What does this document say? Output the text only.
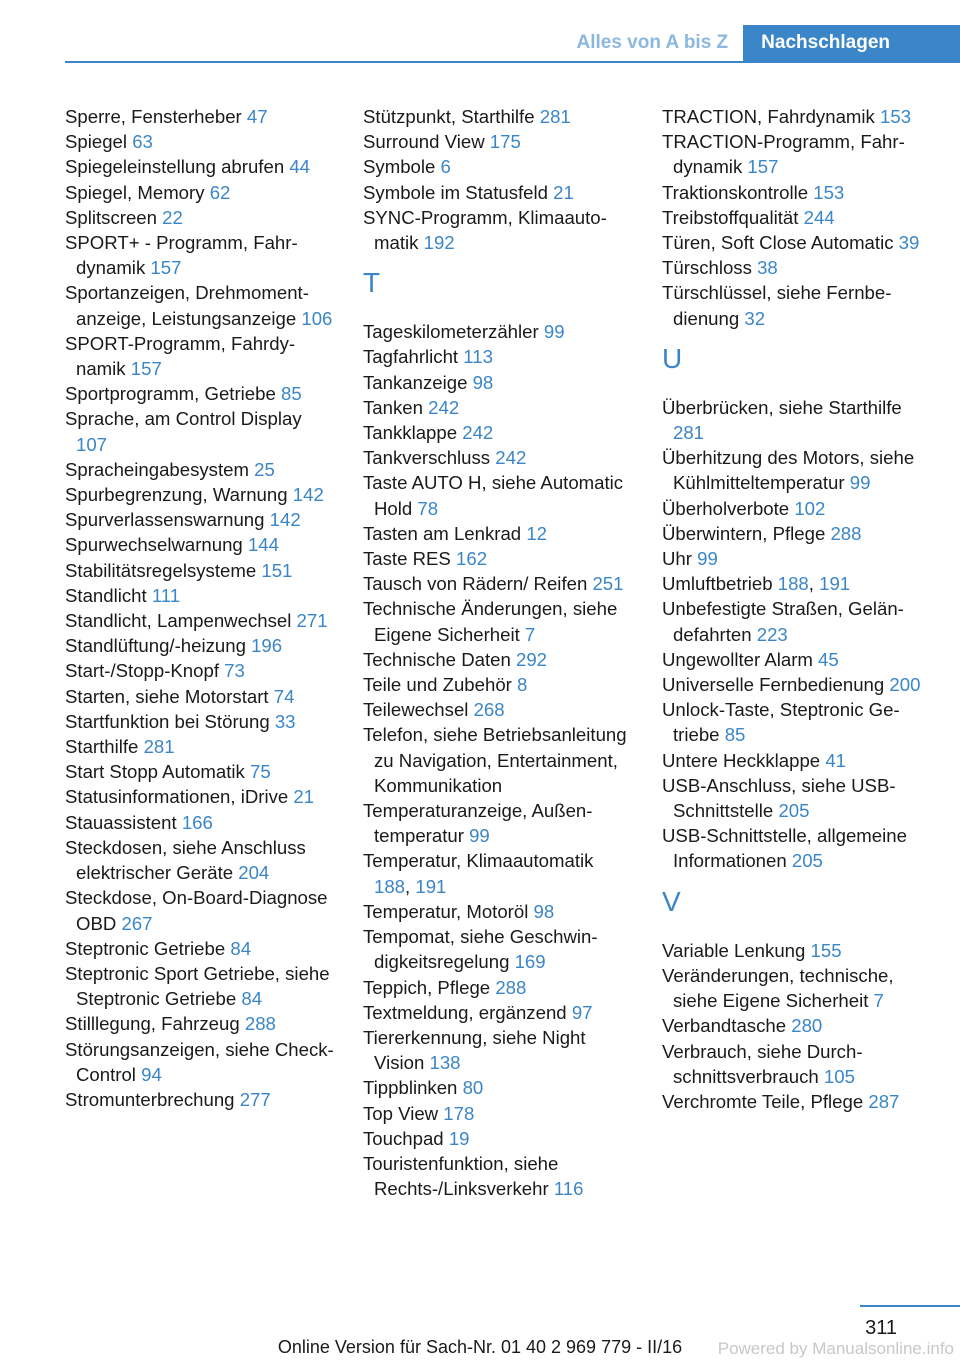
Alles von A bis Z	Nachschlagen
Sperre, Fensterheber 47
Spiegel 63
Spiegeleinstellung abrufen 44
Spiegel, Memory 62
Splitscreen 22
SPORT+ - Programm, Fahrdynamik 157
Sportanzeigen, Drehmomentanzeige, Leistungsanzeige 106
SPORT-Programm, Fahrdynamik 157
Sportprogramm, Getriebe 85
Sprache, am Control Display 107
Spracheingabesystem 25
Spurbegrenzung, Warnung 142
Spurverlassenswarnung 142
Spurwechselwarnung 144
Stabilitätsregelsysteme 151
Standlicht 111
Standlicht, Lampenwechsel 271
Standlüftung/-heizung 196
Start-/Stopp-Knopf 73
Starten, siehe Motorstart 74
Startfunktion bei Störung 33
Starthilfe 281
Start Stopp Automatik 75
Statusinformationen, iDrive 21
Stauassistent 166
Steckdosen, siehe Anschluss elektrischer Geräte 204
Steckdose, On-Board-Diagnose OBD 267
Steptronic Getriebe 84
Steptronic Sport Getriebe, siehe Steptronic Getriebe 84
Stilllegung, Fahrzeug 288
Störungsanzeigen, siehe Check-Control 94
Stromunterbrechung 277
Stützpunkt, Starthilfe 281
Surround View 175
Symbole 6
Symbole im Statusfeld 21
SYNC-Programm, Klimaautomatik 192
T
Tageskilometerzähler 99
Tagfahrlicht 113
Tankanzeige 98
Tanken 242
Tankklappe 242
Tankverschluss 242
Taste AUTO H, siehe Automatic Hold 78
Tasten am Lenkrad 12
Taste RES 162
Tausch von Rädern/ Reifen 251
Technische Änderungen, siehe Eigene Sicherheit 7
Technische Daten 292
Teile und Zubehör 8
Teilewechsel 268
Telefon, siehe Betriebsanleitung zu Navigation, Entertainment, Kommunikation
Temperaturanzeige, Außentemperatur 99
Temperatur, Klimaautomatik 188, 191
Temperatur, Motoröl 98
Tempomat, siehe Geschwindigkeitsregelung 169
Teppich, Pflege 288
Textmeldung, ergänzend 97
Tiererkennung, siehe Night Vision 138
Tippblinken 80
Top View 178
Touchpad 19
Touristenfunktion, siehe Rechts-/Linksverkehr 116
TRACTION, Fahrdynamik 153
TRACTION-Programm, Fahrdynamik 157
Traktionskontrolle 153
Treibstoffqualität 244
Türen, Soft Close Automatic 39
Türschloss 38
Türschlüssel, siehe Fernbedienung 32
U
Überbrücken, siehe Starthilfe 281
Überhitzung des Motors, siehe Kühlmitteltemperatur 99
Überholverbote 102
Überwintern, Pflege 288
Uhr 99
Umluftbetrieb 188, 191
Unbefestigte Straßen, Geländefahrten 223
Ungewollter Alarm 45
Universelle Fernbedienung 200
Unlock-Taste, Steptronic Getriebe 85
Untere Heckklappe 41
USB-Anschluss, siehe USB-Schnittstelle 205
USB-Schnittstelle, allgemeine Informationen 205
V
Variable Lenkung 155
Veränderungen, technische, siehe Eigene Sicherheit 7
Verbandtasche 280
Verbrauch, siehe Durchschnittsverbrauch 105
Verchromte Teile, Pflege 287
311
Online Version für Sach-Nr. 01 40 2 969 779 - II/16	Powered by Manualsonline.info
